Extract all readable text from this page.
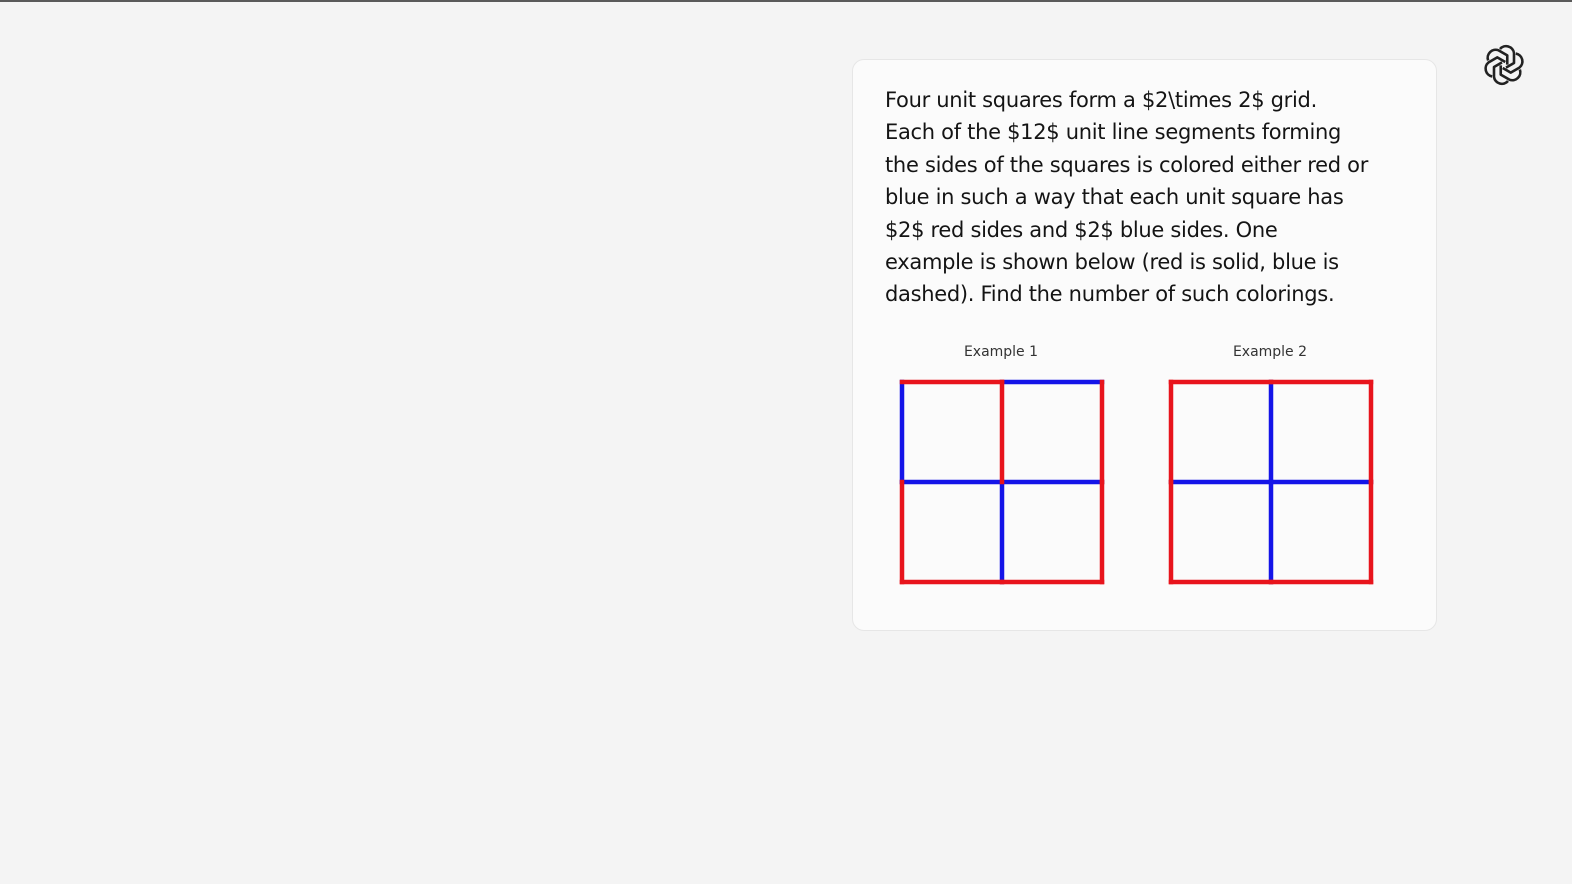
Four unit squares form a $2\times 2$ grid.
Each of the $12$ unit line segments forming
the sides of the squares is colored either red or
blue in such a way that each unit square has
$2$ red sides and $2$ blue sides. One
example is shown below (red is solid, blue is
dashed). Find the number of such colorings.

Example 1	Example 2
